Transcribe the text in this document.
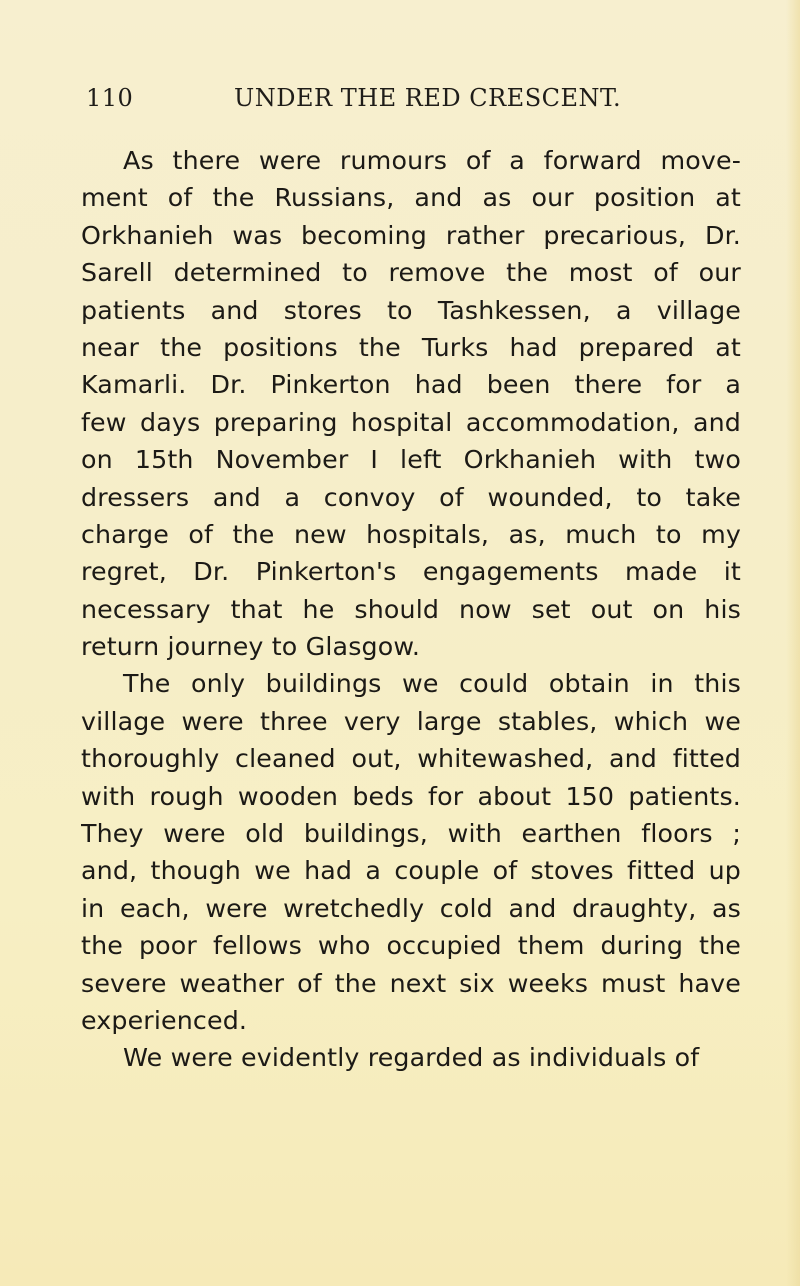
110	UNDER THE RED CRESCENT.
As there were rumours of a forward move-
ment of the Russians, and as our position at
Orkhanieh was becoming rather precarious, Dr.
Sarell determined to remove the most of our
patients and stores to Tashkessen, a village
near the positions the Turks had prepared at
Kamarli. Dr. Pinkerton had been there for a
few days preparing hospital accommodation, and
on 15th November I left Orkhanieh with two
dressers and a convoy of wounded, to take
charge of the new hospitals, as, much to my
regret, Dr. Pinkerton's engagements made it
necessary that he should now set out on his
return journey to Glasgow.
The only buildings we could obtain in this
village were three very large stables, which we
thoroughly cleaned out, whitewashed, and fitted
with rough wooden beds for about 150 patients.
They were old buildings, with earthen floors ;
and, though we had a couple of stoves fitted up
in each, were wretchedly cold and draughty, as
the poor fellows who occupied them during the
severe weather of the next six weeks must have
experienced.
We were evidently regarded as individuals of
